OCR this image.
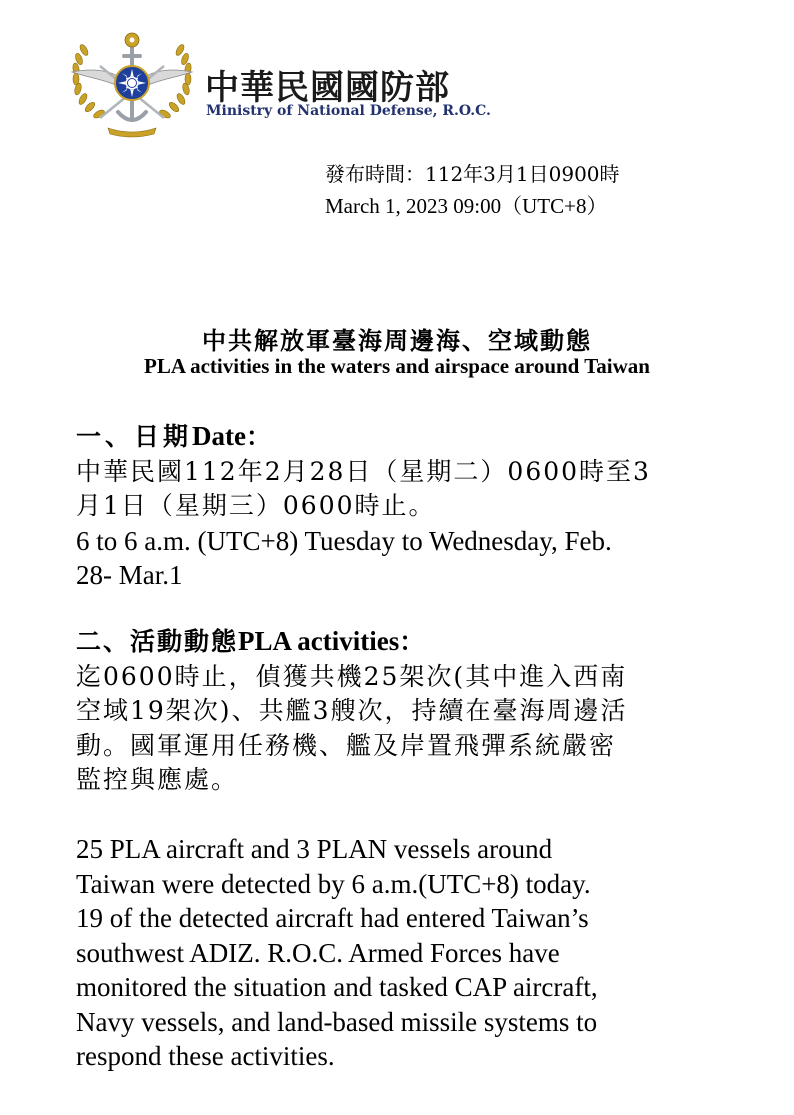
中華民國國防部
Ministry of National Defense, R.O.C.
發布時間：112年3月1日0900時
March 1, 2023 09:00（UTC+8）
中共解放軍臺海周邊海、空域動態
PLA activities in the waters and airspace around Taiwan
一、日期Date：
中華民國112年2月28日（星期二）0600時至3
月1日（星期三）0600時止。
6 to 6 a.m. (UTC+8) Tuesday to Wednesday, Feb.
28- Mar.1
二、活動動態PLA activities：
迄0600時止，偵獲共機25架次(其中進入西南
空域19架次)、共艦3艘次，持續在臺海周邊活
動。國軍運用任務機、艦及岸置飛彈系統嚴密
監控與應處。
25 PLA aircraft and 3 PLAN vessels around
Taiwan were detected by 6 a.m.(UTC+8) today.
19 of the detected aircraft had entered Taiwan’s
southwest ADIZ. R.O.C. Armed Forces have
monitored the situation and tasked CAP aircraft,
Navy vessels, and land-based missile systems to
respond these activities.
